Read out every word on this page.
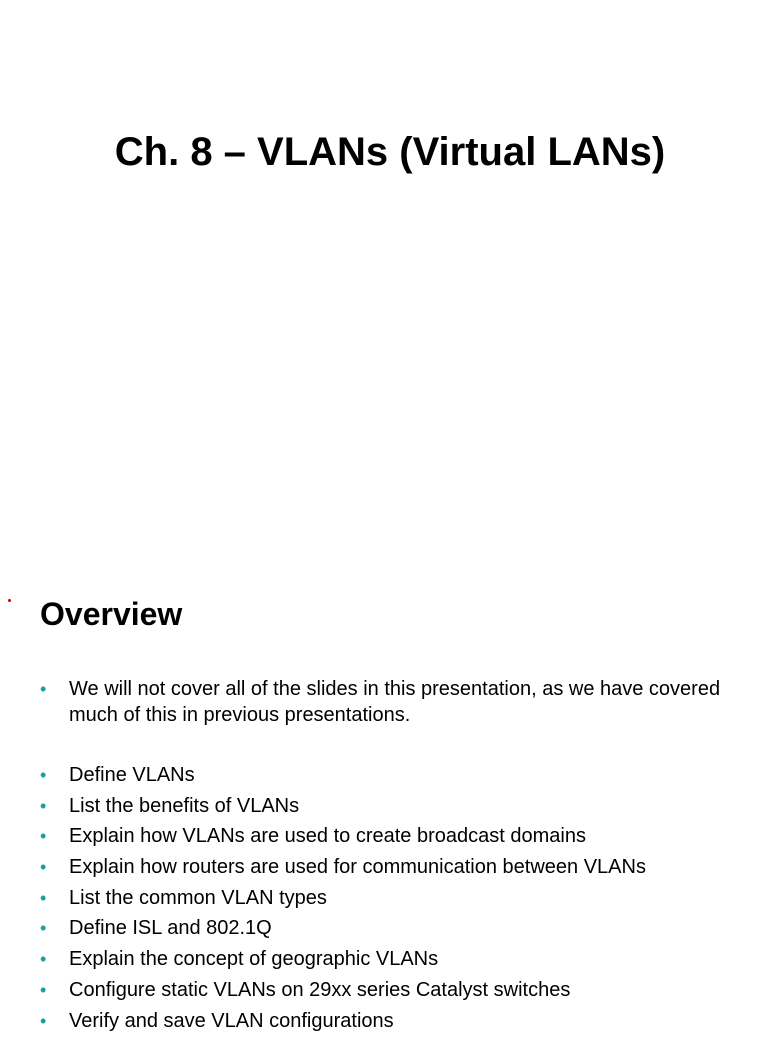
Ch. 8 – VLANs (Virtual LANs)
Overview
• We will not cover all of the slides in this presentation, as we have covered much of this in previous presentations.
• Define VLANs
• List the benefits of VLANs
• Explain how VLANs are used to create broadcast domains
• Explain how routers are used for communication between VLANs
• List the common VLAN types
• Define ISL and 802.1Q
• Explain the concept of geographic VLANs
• Configure static VLANs on 29xx series Catalyst switches
• Verify and save VLAN configurations
